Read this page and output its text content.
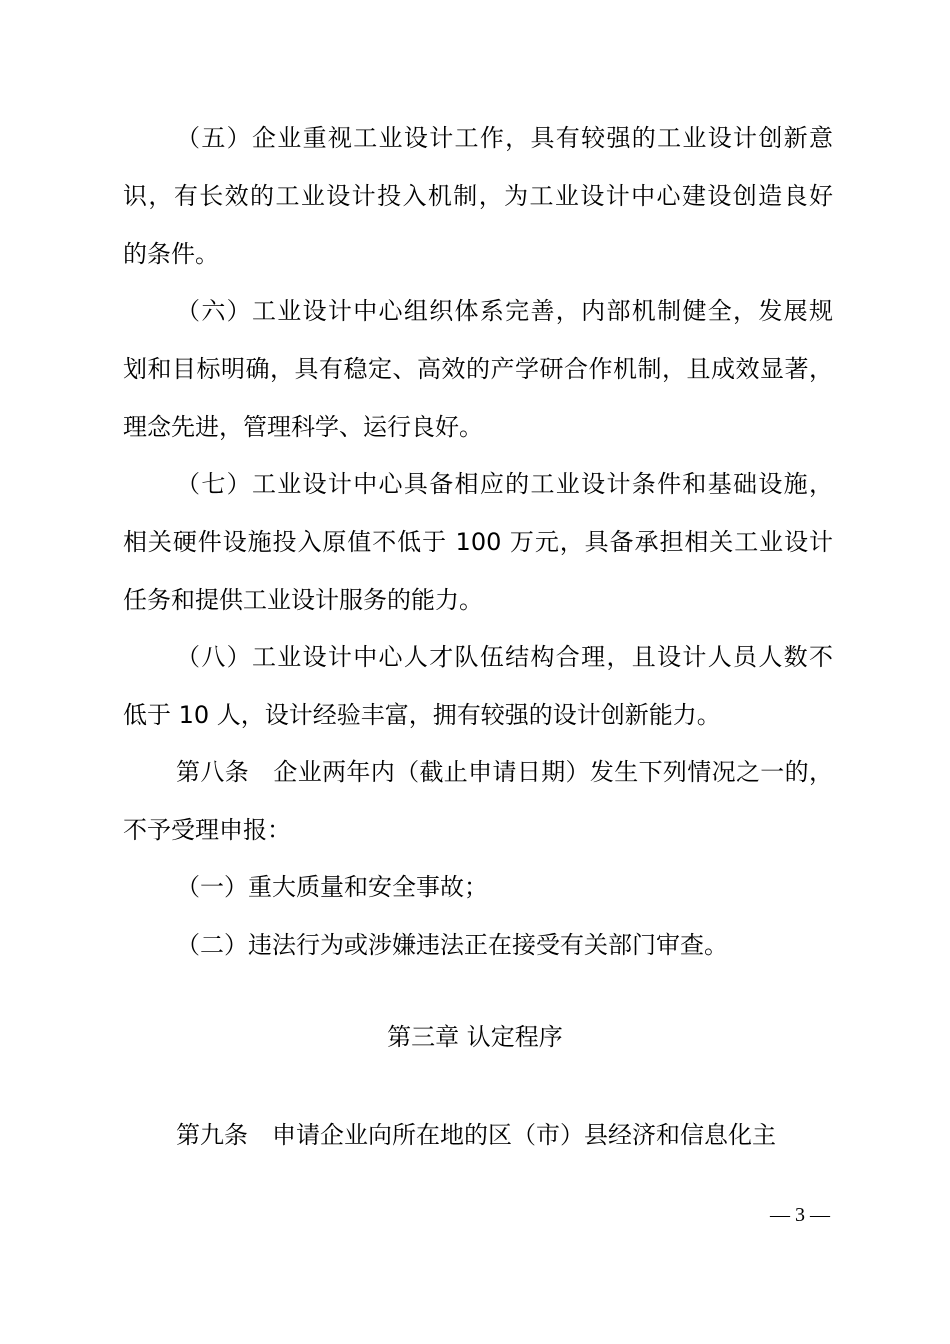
（五）企业重视工业设计工作，具有较强的工业设计创新意
识，有长效的工业设计投入机制，为工业设计中心建设创造良好
的条件。
（六）工业设计中心组织体系完善，内部机制健全，发展规
划和目标明确，具有稳定、高效的产学研合作机制，且成效显著，
理念先进，管理科学、运行良好。
（七）工业设计中心具备相应的工业设计条件和基础设施，
相关硬件设施投入原值不低于 100 万元，具备承担相关工业设计
任务和提供工业设计服务的能力。
（八）工业设计中心人才队伍结构合理，且设计人员人数不
低于 10 人，设计经验丰富，拥有较强的设计创新能力。
第八条　企业两年内（截止申请日期）发生下列情况之一的，
不予受理申报：
（一）重大质量和安全事故；
（二）违法行为或涉嫌违法正在接受有关部门审查。
第三章 认定程序
第九条　申请企业向所在地的区（市）县经济和信息化主
— 3 —
